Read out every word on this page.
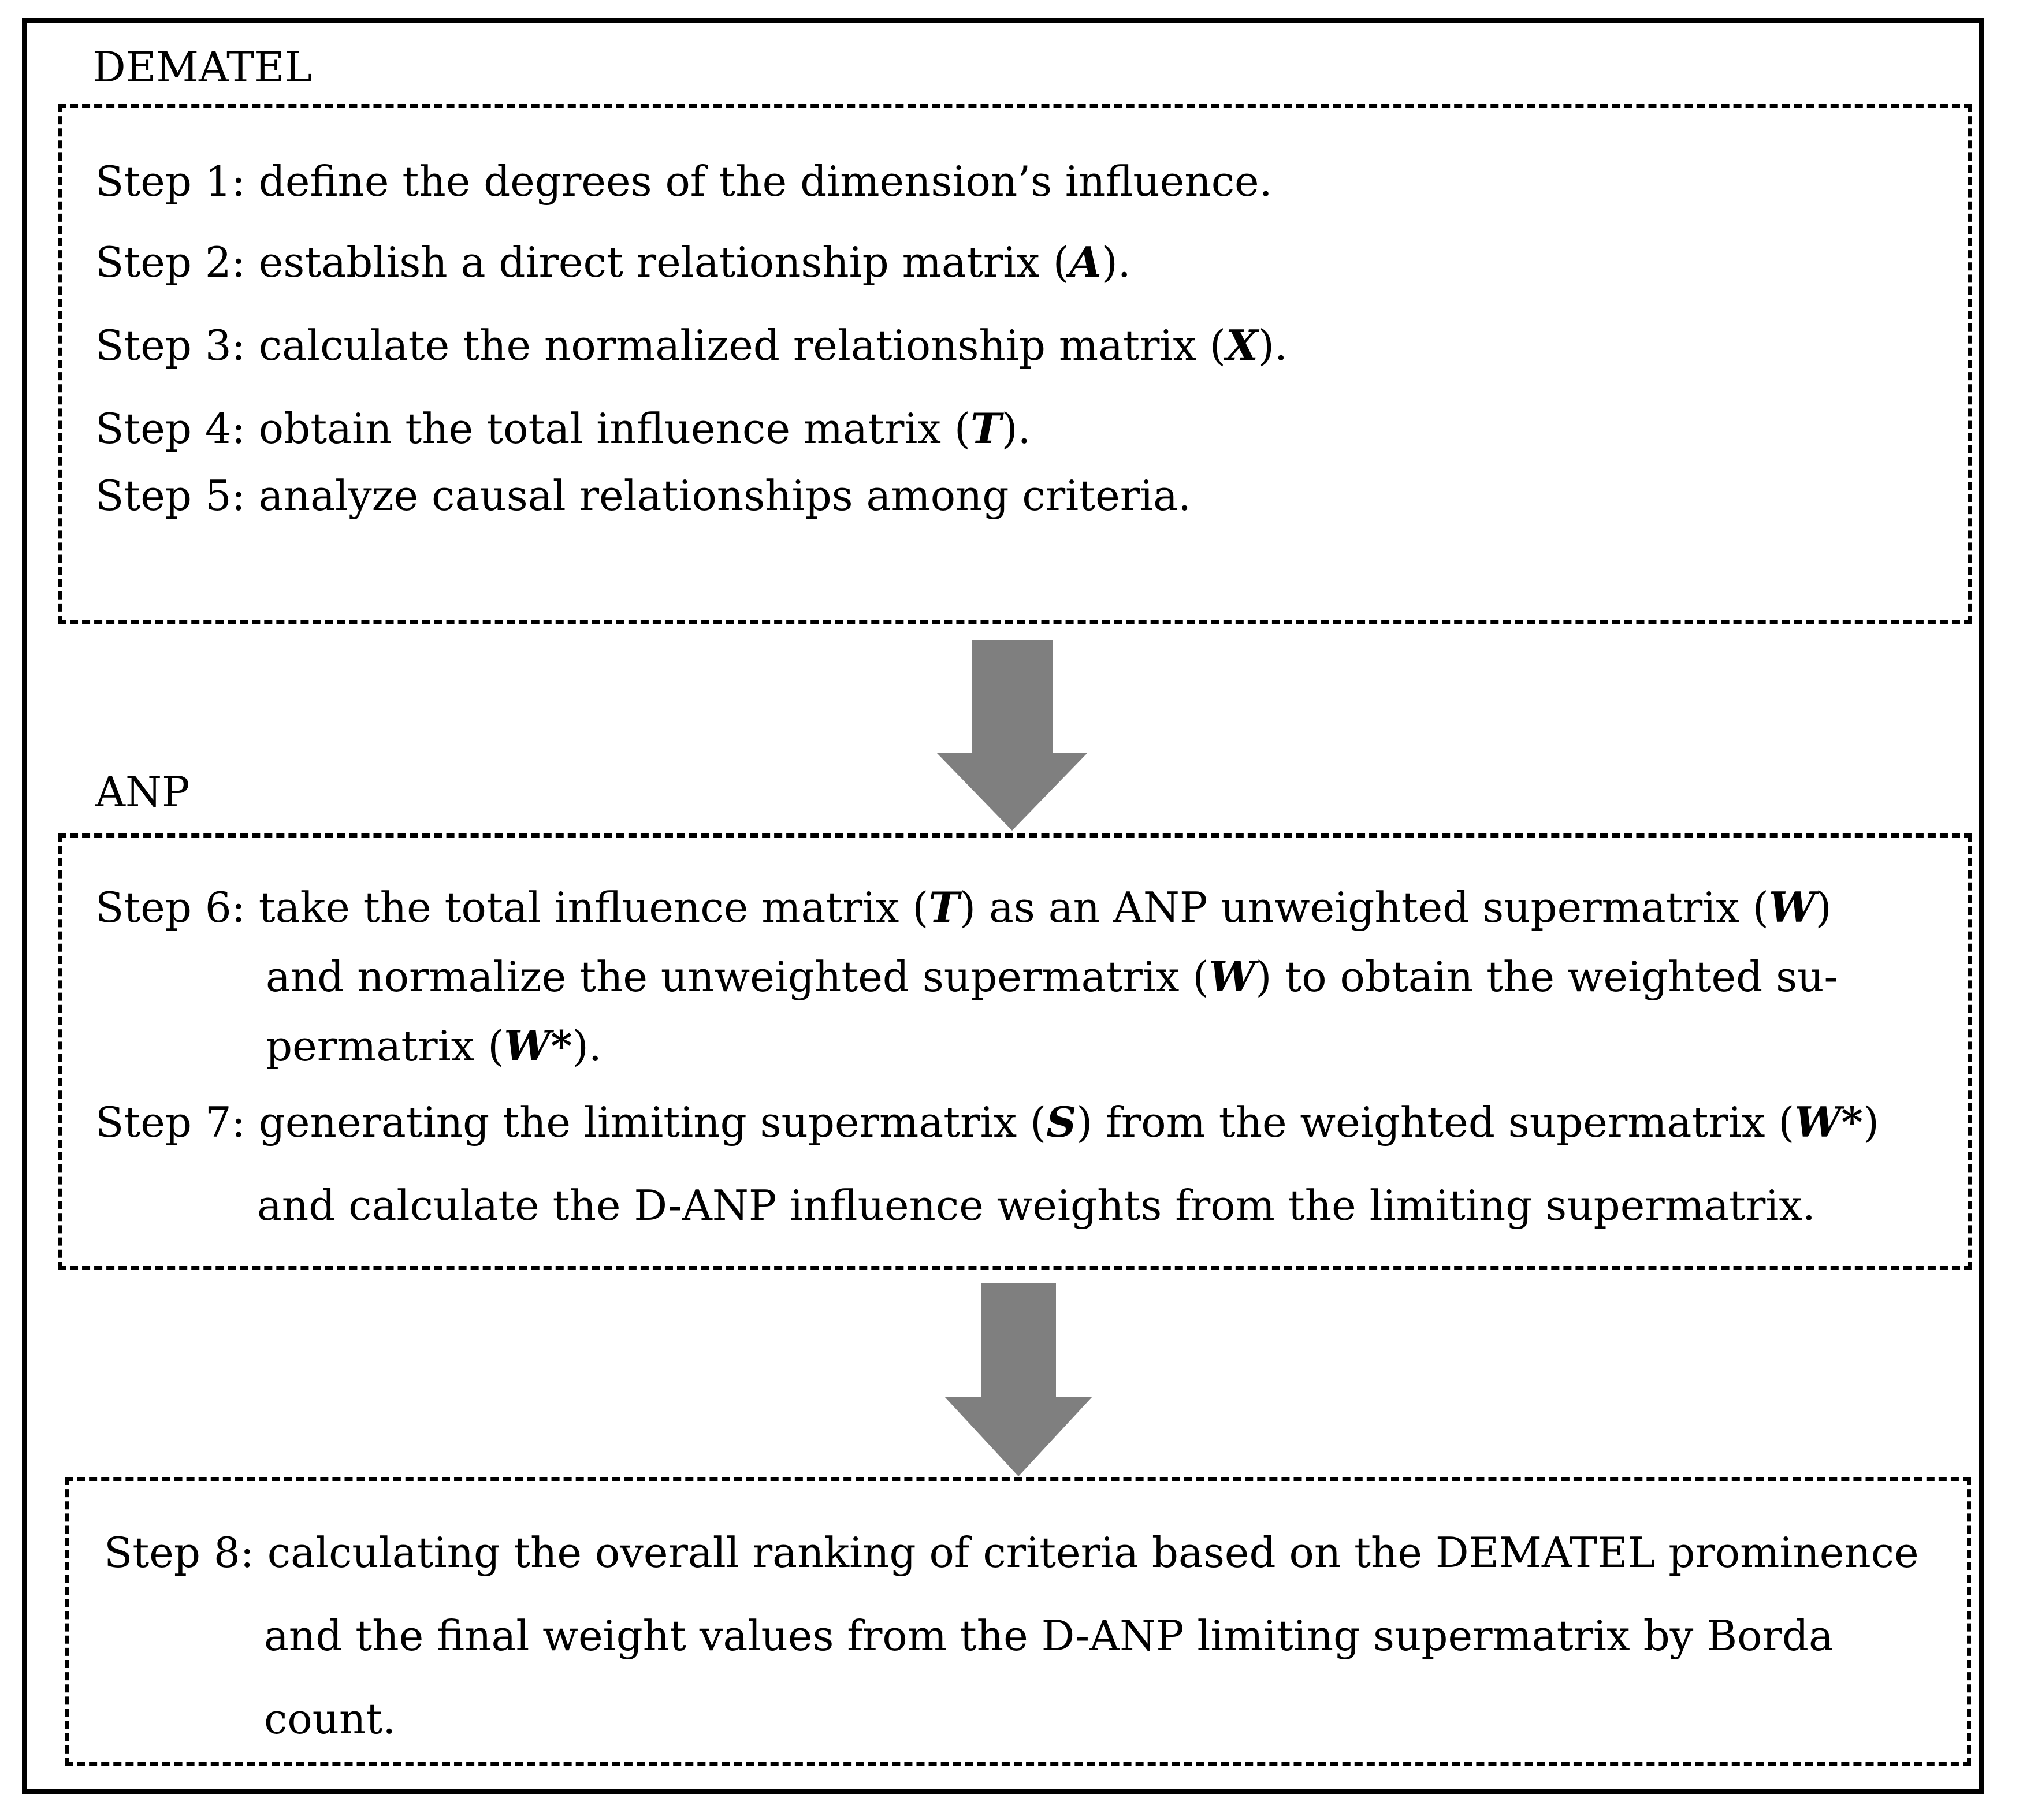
DEMATEL
Step 1: define the degrees of the dimension’s influence.
Step 2: establish a direct relationship matrix (A).
Step 3: calculate the normalized relationship matrix (X).
Step 4: obtain the total influence matrix (T).
Step 5: analyze causal relationships among criteria.
ANP
Step 6: take the total influence matrix (T) as an ANP unweighted supermatrix (W)
and normalize the unweighted supermatrix (W) to obtain the weighted su-
permatrix (W*).
Step 7: generating the limiting supermatrix (S) from the weighted supermatrix (W*)
and calculate the D-ANP influence weights from the limiting supermatrix.
Step 8: calculating the overall ranking of criteria based on the DEMATEL prominence
and the final weight values from the D-ANP limiting supermatrix by Borda
count.
